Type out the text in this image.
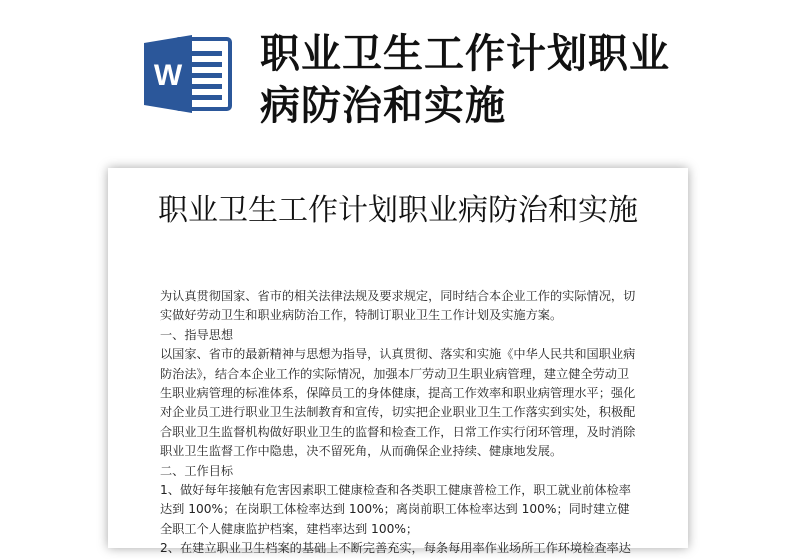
W 职业卫生工作计划职业病防治和实施
职业卫生工作计划职业病防治和实施

为认真贯彻国家、省市的相关法律法规及要求规定，同时结合本企业工作的实际情况，切实做好劳动卫生和职业病防治工作，特制订职业卫生工作计划及实施方案。

一、指导思想

以国家、省市的最新精神与思想为指导，认真贯彻、落实和实施《中华人民共和国职业病防治法》，结合本企业工作的实际情况，加强本厂劳动卫生职业病管理，建立健全劳动卫生职业病管理的标准体系，保障员工的身体健康，提高工作效率和职业病管理水平；强化对企业员工进行职业卫生法制教育和宣传，切实把企业职业卫生工作落实到实处，积极配合职业卫生监督机构做好职业卫生的监督和检查工作，日常工作实行闭环管理，及时消除职业卫生监督工作中隐患，决不留死角，从而确保企业持续、健康地发展。

二、工作目标

1、做好每年接触有危害因素职工健康检查和各类职工健康普检工作，职工就业前体检率达到 100%；在岗职工体检率达到 100%；离岗前职工体检率达到 100%；同时建立健全职工个人健康监护档案，建档率达到 100%；

2、在建立职业卫生档案的基础上不断完善充实，每条每用率作业场所工作环境检查率达
